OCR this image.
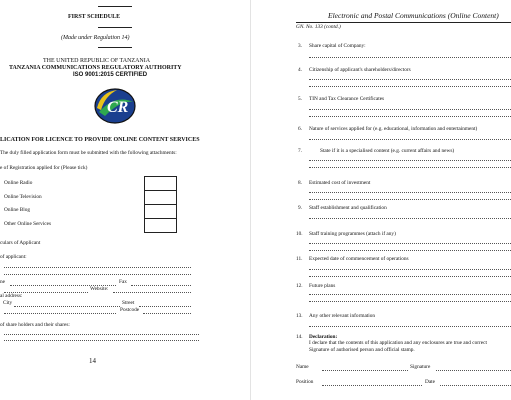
FIRST SCHEDULE
(Made under Regulation 14)
THE UNITED REPUBLIC OF TANZANIA
TANZANIA COMMUNICATIONS REGULATORY AUTHORITY
ISO 9001:2015 CERTIFIED
CR
LICATION FOR LICENCE TO PROVIDE ONLINE CONTENT SERVICES
The duly filled application form must be submitted with the following attachments:
e of Registration applied for (Please tick)
Online Radio
Online Television
Online Blog
Other Online Services
culars of Applicant
of applicant:
ne	Fax
Website:
al address:
City	Street
Postcode
of share holders and their shares:
14
Electronic and Postal Communications (Online Content)
GN. No. 133 (contd.)
3. Share capital of Company:
4. Citizenship of applicant's shareholders/directors
5. TIN and Tax Clearance Certificates
6. Nature of services applied for (e.g. educational, information and entertainment)
7.	State if it is a specialised content (e.g. current affairs and news)
8. Estimated cost of investment
9. Staff establishment and qualification
10. Staff training programmes (attach if any)
11. Expected date of commencement of operations
12. Future plans
13. Any other relevant information
14. Declaration:
I declare that the contents of this application and any enclosures are true and correct
Signature of authorised person and official stamp.
Name	Signature
Position	Date
